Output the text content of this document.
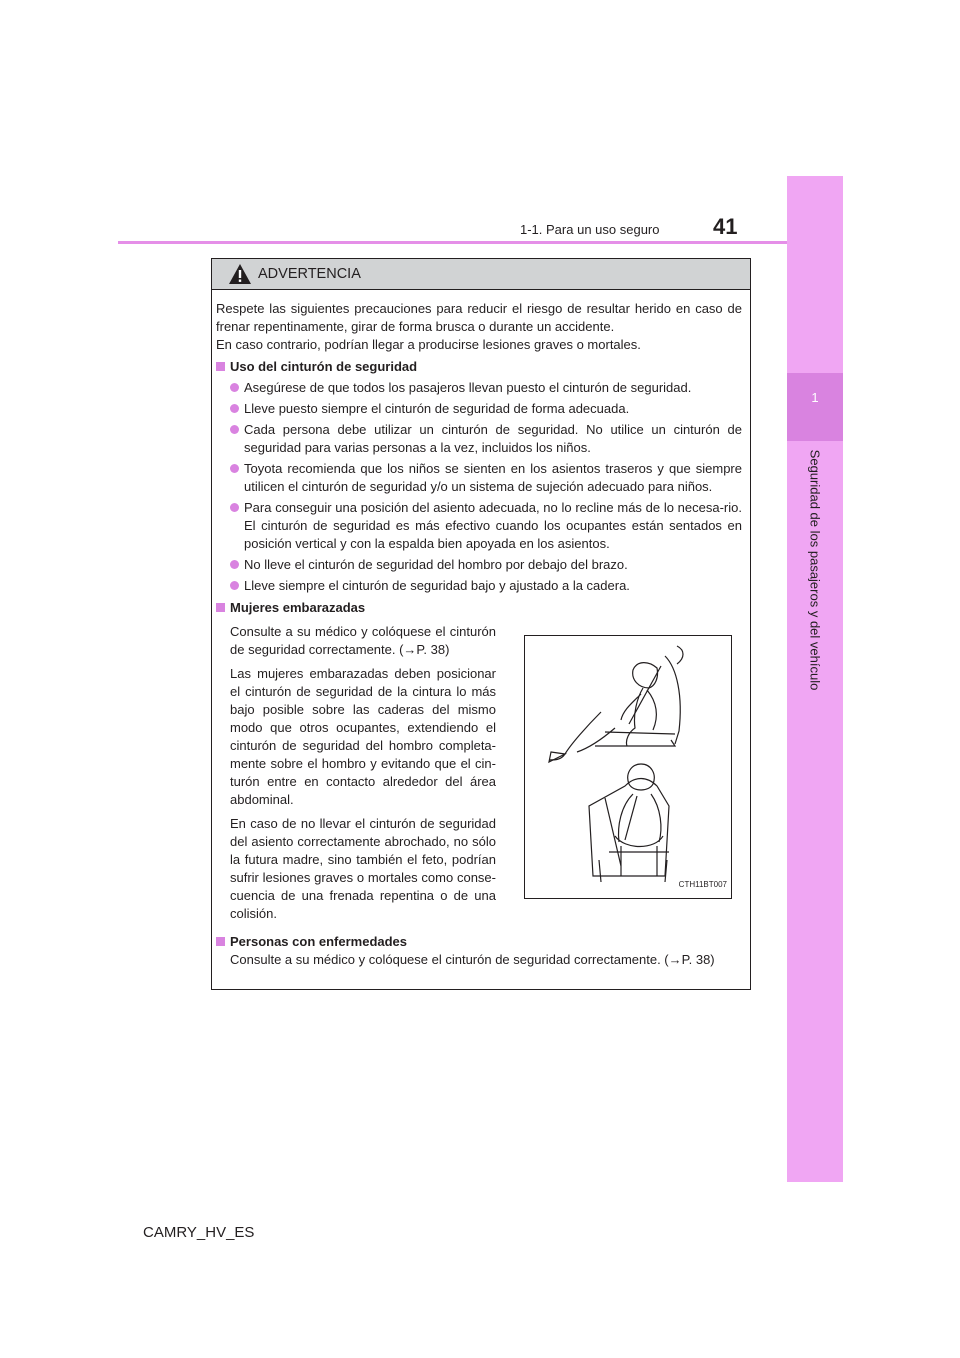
1
Seguridad de los pasajeros y del vehículo
1-1. Para un uso seguro 41
ADVERTENCIA

Respete las siguientes precauciones para reducir el riesgo de resultar herido en caso de frenar repentinamente, girar de forma brusca o durante un accidente.

En caso contrario, podrían llegar a producirse lesiones graves o mortales.

Uso del cinturón de seguridad
Asegúrese de que todos los pasajeros llevan puesto el cinturón de seguridad.
Lleve puesto siempre el cinturón de seguridad de forma adecuada.
Cada persona debe utilizar un cinturón de seguridad. No utilice un cinturón de seguridad para varias personas a la vez, incluidos los niños.
Toyota recomienda que los niños se sienten en los asientos traseros y que siempre utilicen el cinturón de seguridad y/o un sistema de sujeción adecuado para niños.
Para conseguir una posición del asiento adecuada, no lo recline más de lo necesa-rio. El cinturón de seguridad es más efectivo cuando los ocupantes están sentados en posición vertical y con la espalda bien apoyada en los asientos.
No lleve el cinturón de seguridad del hombro por debajo del brazo.
Lleve siempre el cinturón de seguridad bajo y ajustado a la cadera.
Mujeres embarazadas

Consulte a su médico y colóquese el cinturón de seguridad correctamente. (→P. 38)

Las mujeres embarazadas deben posicionar el cinturón de seguridad de la cintura lo más bajo posible sobre las caderas del mismo modo que otros ocupantes, extendiendo el cinturón de seguridad del hombro completa-mente sobre el hombro y evitando que el cin-turón entre en contacto alrededor del área abdominal.

En caso de no llevar el cinturón de seguridad del asiento correctamente abrochado, no sólo la futura madre, sino también el feto, podrían sufrir lesiones graves o mortales como conse-cuencia de una frenada repentina o de una colisión.

CTH11BT007
Personas con enfermedades
Consulte a su médico y colóquese el cinturón de seguridad correctamente. (→P. 38)
CAMRY_HV_ES
